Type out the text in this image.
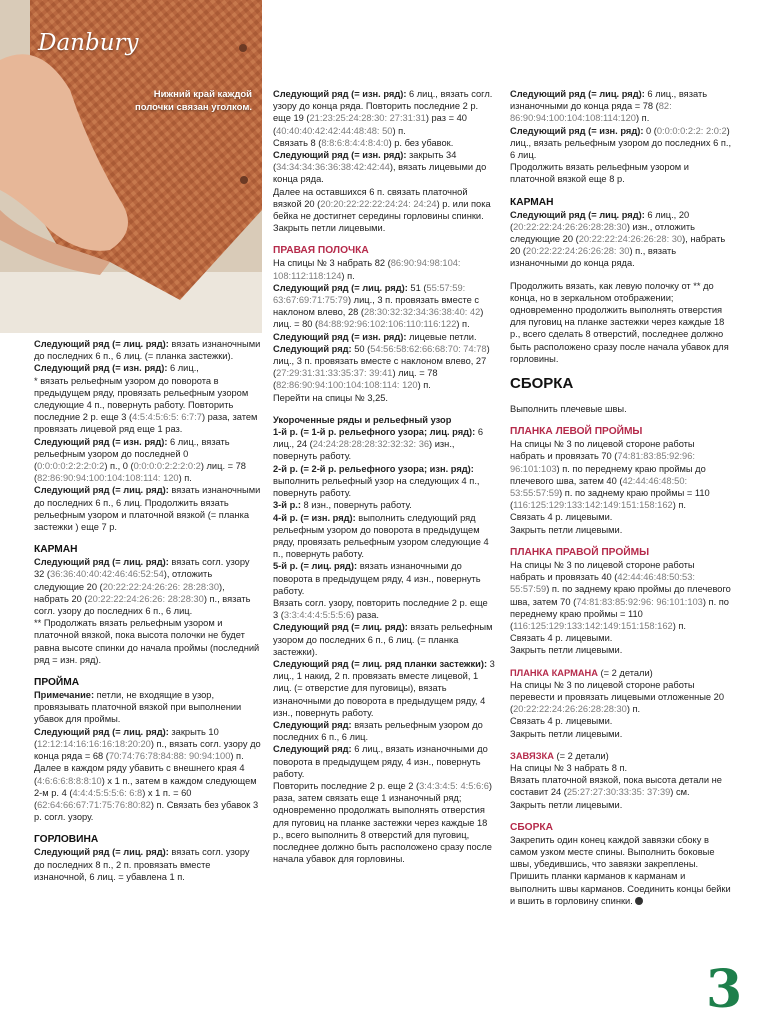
Danbury
Нижний край каждой полочки связан уголком.

Следующий ряд (= лиц. ряд): вязать изнаночными до последних 6 п., 6 лиц. (= планка застежки).

Следующий ряд (= изн. ряд): 6 лиц.,

* вязать рельефным узором до поворота в предыдущем ряду, провязать рельефным узором следующие 4 п., повернуть работу. Повторить последние 2 р. еще 3 (4:5:4:5:6:5: 6:7:7) раза, затем провязать лицевой ряд еще 1 раз.

Следующий ряд (= изн. ряд): 6 лиц., вязать рельефным узором до последней 0 (0:0:0:0:2:2:2:0:2) п., 0 (0:0:0:0:2:2:2:0:2) лиц. = 78 (82:86:90:94:100:104:108:114: 120) п.

Следующий ряд (= лиц. ряд): вязать изнаночными до последних 6 п., 6 лиц. Продолжить вязать рельефным узором и платочной вязкой (= планка застежки ) еще 7 р.

КАРМАН

Следующий ряд (= лиц. ряд): вязать согл. узору 32 (36:36:40:40:42:46:46:52:54), отложить следующие 20 (20:22:22:24:26:26: 28:28:30), набрать 20 (20:22:22:24:26:26: 28:28:30) п., вязать согл. узору до последних 6 п., 6 лиц.

** Продолжать вязать рельефным узором и платочной вязкой, пока высота полочки не будет равна высоте спинки до начала проймы (последний ряд = изн. ряд).

ПРОЙМА

Примечание: петли, не входящие в узор, провязывать платочной вязкой при выполнении убавок для проймы.

Следующий ряд (= лиц. ряд): закрыть 10 (12:12:14:16:16:16:18:20:20) п., вязать согл. узору до конца ряда = 68 (70:74:76:78:84:88: 90:94:100) п.

Далее в каждом ряду убавить с внешнего края 4 (4:6:6:6:8:8:8:10) х 1 п., затем в каждом следующем 2-м р. 4 (4:4:4:5:5:5:6: 6:8) х 1 п. = 60 (62:64:66:67:71:75:76:80:82) п. Связать без убавок 3 р. согл. узору.

ГОРЛОВИНА

Следующий ряд (= лиц. ряд): вязать согл. узору до последних 8 п., 2 п. провязать вместе изнаночной, 6 лиц. = убавлена 1 п.

Следующий ряд (= изн. ряд): 6 лиц., вязать согл. узору до конца ряда. Повторить последние 2 р. еще 19 (21:23:25:24:28:30: 27:31:31) раз = 40 (40:40:40:42:42:44:48:48: 50) п.

Связать 8 (8:8:6:8:4:4:8:4:0) р. без убавок.

Следующий ряд (= изн. ряд): закрыть 34 (34:34:34:36:36:38:42:42:44), вязать лицевыми до конца ряда.

Далее на оставшихся 6 п. связать платочной вязкой 20 (20:20:22:22:22:24:24: 24:24) р. или пока бейка не достигнет середины горловины спинки.

Закрыть петли лицевыми.

ПРАВАЯ ПОЛОЧКА

На спицы № 3 набрать 82 (86:90:94:98:104: 108:112:118:124) п.

Следующий ряд (= лиц. ряд): 51 (55:57:59: 63:67:69:71:75:79) лиц., 3 п. провязать вместе с наклоном влево, 28 (28:30:32:32:34:36:38:40: 42) лиц. = 80 (84:88:92:96:102:106:110:116:122) п.

Следующий ряд (= изн. ряд): лицевые петли.

Следующий ряд: 50 (54:56:58:62:66:68:70: 74:78) лиц., 3 п. провязать вместе с наклоном влево, 27 (27:29:31:31:33:35:37: 39:41) лиц. = 78 (82:86:90:94:100:104:108:114: 120) п.

Перейти на спицы № 3,25.

Укороченные ряды и рельефный узор

1-й р. (= 1-й р. рельефного узора; лиц. ряд): 6 лиц., 24 (24:24:28:28:28:32:32:32: 36) изн., повернуть работу.

2-й р. (= 2-й р. рельефного узора; изн. ряд): выполнить рельефный узор на следующих 4 п., повернуть работу.

3-й р.: 8 изн., повернуть работу.

4-й р. (= изн. ряд): выполнить следующий ряд рельефным узором до поворота в предыдущем ряду, провязать рельефным узором следующие 4 п., повернуть работу.

5-й р. (= лиц. ряд): вязать изнаночными до поворота в предыдущем ряду, 4 изн., повернуть работу.

Вязать согл. узору, повторить последние 2 р. еще 3 (3:3:4:4:4:5:5:5:6) раза.

Следующий ряд (= лиц. ряд): вязать рельефным узором до последних 6 п., 6 лиц. (= планка застежки).

Следующий ряд (= лиц. ряд планки застежки): 3 лиц., 1 накид, 2 п. провязать вместе лицевой, 1 лиц. (= отверстие для пуговицы), вязать изнаночными до поворота в предыдущем ряду, 4 изн., повернуть работу.

Следующий ряд: вязать рельефным узором до последних 6 п., 6 лиц.

Следующий ряд: 6 лиц., вязать изнаночными до поворота в предыдущем ряду, 4 изн., повернуть работу.

Повторить последние 2 р. еще 2 (3:4:3:4:5: 4:5:6:6) раза, затем связать еще 1 изнаночный ряд; одновременно продолжать выполнять отверстия для пуговиц на планке застежки через каждые 18 р., всего выполнить 8 отверстий для пуговиц, последнее должно быть расположено сразу после начала убавок для горловины.

Следующий ряд (= лиц. ряд): 6 лиц., вязать изнаночными до конца ряда = 78 (82: 86:90:94:100:104:108:114:120) п.

Следующий ряд (= изн. ряд): 0 (0:0:0:0:2:2: 2:0:2) лиц., вязать рельефным узором до последних 6 п., 6 лиц.

Продолжить вязать рельефным узором и платочной вязкой еще 8 р.

КАРМАН

Следующий ряд (= лиц. ряд): 6 лиц., 20 (20:22:22:24:26:26:28:28:30) изн., отложить следующие 20 (20:22:22:24:26:26:28: 30), набрать 20 (20:22:22:24:26:26:28: 30) п., вязать изнаночными до конца ряда.

Продолжить вязать, как левую полочку от ** до конца, но в зеркальном отображении; одновременно продолжить выполнять отверстия для пуговиц на планке застежки через каждые 18 р., всего сделать 8 отверстий, последнее должно быть расположено сразу после начала убавок для горловины.

СБОРКА

Выполнить плечевые швы.

ПЛАНКА ЛЕВОЙ ПРОЙМЫ

На спицы № 3 по лицевой стороне работы набрать и провязать 70 (74:81:83:85:92:96: 96:101:103) п. по переднему краю проймы до плечевого шва, затем 40 (42:44:46:48:50: 53:55:57:59) п. по заднему краю проймы = 110 (116:125:129:133:142:149:151:158:162) п.

Связать 4 р. лицевыми.

Закрыть петли лицевыми.

ПЛАНКА ПРАВОЙ ПРОЙМЫ

На спицы № 3 по лицевой стороне работы набрать и провязать 40 (42:44:46:48:50:53: 55:57:59) п. по заднему краю проймы до плечевого шва, затем 70 (74:81:83:85:92:96: 96:101:103) п. по переднему краю проймы = 110 (116:125:129:133:142:149:151:158:162) п.

Связать 4 р. лицевыми.

Закрыть петли лицевыми.

ПЛАНКА КАРМАНА (= 2 детали)

На спицы № 3 по лицевой стороне работы перевести и провязать лицевыми отложенные 20 (20:22:22:24:26:26:28:28:30) п.

Связать 4 р. лицевыми.

Закрыть петли лицевыми.

ЗАВЯЗКА (= 2 детали)

На спицы № 3 набрать 8 п.

Вязать платочной вязкой, пока высота детали не составит 24 (25:27:27:30:33:35: 37:39) см.

Закрыть петли лицевыми.

СБОРКА

Закрепить один конец каждой завязки сбоку в самом узком месте спины. Выполнить боковые швы, убедившись, что завязки закреплены. Пришить планки карманов к карманам и выполнить швы карманов. Соединить концы бейки и вшить в горловину спинки.

3
